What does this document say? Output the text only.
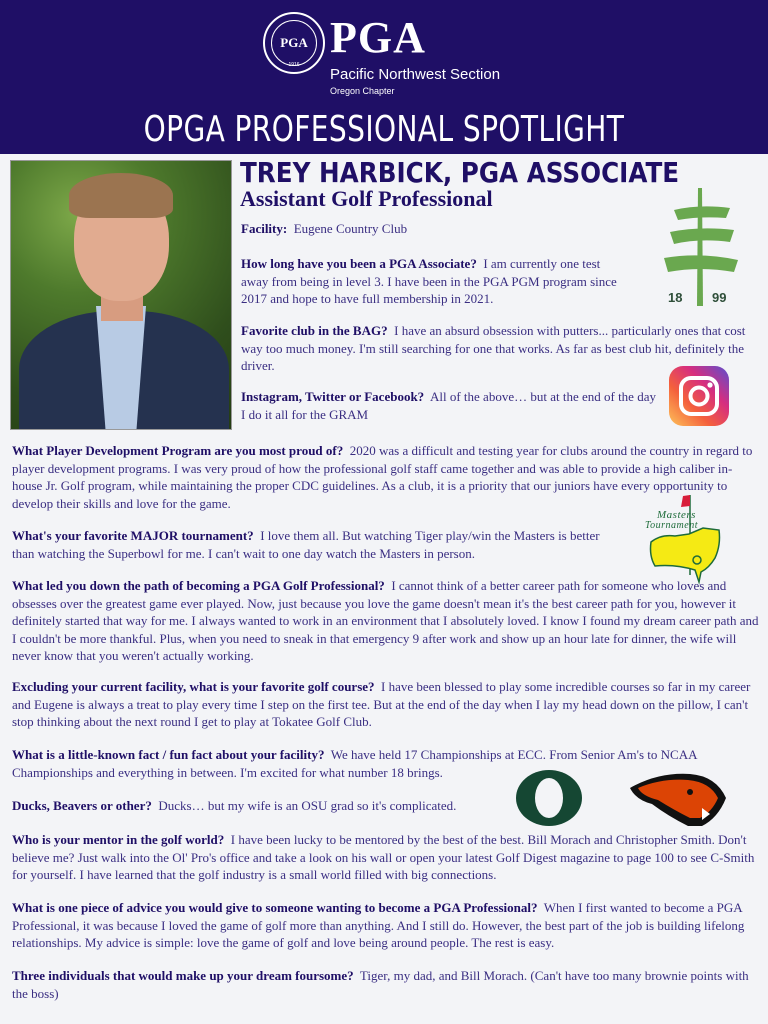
PGA
1916
PGA
Pacific Northwest Section
Oregon Chapter
OPGA PROFESSIONAL SPOTLIGHT
TREY HARBICK, PGA ASSOCIATE
Assistant Golf Professional
Facility: Eugene Country Club
18 99
How long have you been a PGA Associate? I am currently one test away from being in level 3. I have been in the PGA PGM program since 2017 and hope to have full membership in 2021.
Favorite club in the BAG? I have an absurd obsession with putters... particularly ones that cost way too much money. I'm still searching for one that works. As far as best club hit, definitely the driver.
Instagram, Twitter or Facebook? All of the above… but at the end of the day I do it all for the GRAM
What Player Development Program are you most proud of? 2020 was a difficult and testing year for clubs around the country in regard to player development programs. I was very proud of how the professional golf staff came together and was able to provide a high caliber in-house Jr. Golf program, while maintaining the proper CDC guidelines. As a club, it is a priority that our juniors have every opportunity to develop their skills and love for the game.
What's your favorite MAJOR tournament? I love them all. But watching Tiger play/win the Masters is better than watching the Superbowl for me. I can't wait to one day watch the Masters in person.
What led you down the path of becoming a PGA Golf Professional? I cannot think of a better career path for someone who loves and obsesses over the greatest game ever played. Now, just because you love the game doesn't mean it's the best career path for you, however it definitely started that way for me. I always wanted to work in an environment that I absolutely loved. I know I found my dream career path and I couldn't be more thankful. Plus, when you need to sneak in that emergency 9 after work and show up an hour late for dinner, the wife will never know that you weren't actually working.
Excluding your current facility, what is your favorite golf course? I have been blessed to play some incredible courses so far in my career and Eugene is always a treat to play every time I step on the first tee. But at the end of the day when I lay my head down on the pillow, I can't stop thinking about the next round I get to play at Tokatee Golf Club.
What is a little-known fact / fun fact about your facility? We have held 17 Championships at ECC. From Senior Am's to NCAA Championships and everything in between. I'm excited for what number 18 brings.
Ducks, Beavers or other? Ducks… but my wife is an OSU grad so it's complicated.
Who is your mentor in the golf world? I have been lucky to be mentored by the best of the best. Bill Morach and Christopher Smith. Don't believe me? Just walk into the Ol' Pro's office and take a look on his wall or open your latest Golf Digest magazine to page 100 to see C-Smith for yourself. I have learned that the golf industry is a small world filled with big connections.
What is one piece of advice you would give to someone wanting to become a PGA Professional? When I first wanted to become a PGA Professional, it was because I loved the game of golf more than anything. And I still do. However, the best part of the job is building lifelong relationships. My advice is simple: love the game of golf and love being around people. The rest is easy.
Three individuals that would make up your dream foursome? Tiger, my dad, and Bill Morach. (Can't have too many brownie points with the boss)
Masters
Tournament
